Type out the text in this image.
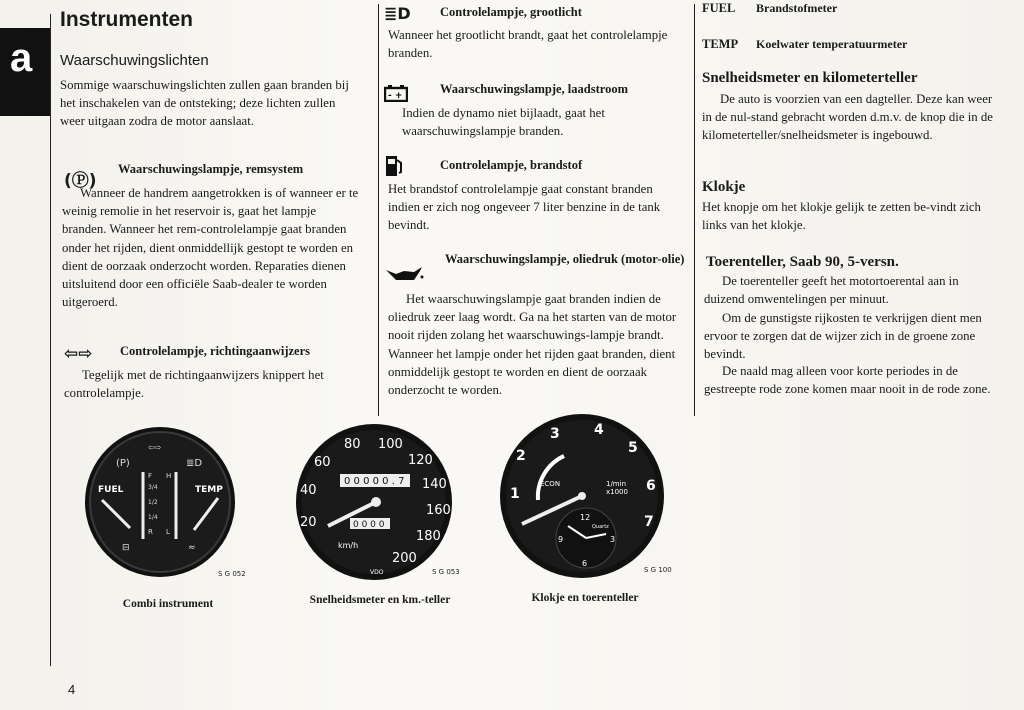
a
Instrumenten
Waarschuwingslichten

Sommige waarschuwingslichten zullen gaan branden bij het inschakelen van de ontsteking; deze lichten zullen weer uitgaan zodra de motor aanslaat.

(Ⓟ)
Waarschuwingslampje, remsystem

Wanneer de handrem aangetrokken is of wanneer er te weinig remolie in het reservoir is, gaat het lampje branden. Wanneer het rem-controlelampje gaat branden onder het rijden, dient onmiddellijk gestopt te worden en dient de oorzaak onderzocht worden. Reparaties dienen uitsluitend door een officiële Saab-dealer te worden uitgeroerd.

⇦⇨ Controlelampje, richtingaanwijzers

Tegelijk met de richtingaanwijzers knippert het controlelampje.

≣D Controlelampje, grootlicht

Wanneer het grootlicht brandt, gaat het controlelampje branden.

- +	Waarschuwingslampje, laadstroom

Indien de dynamo niet bijlaadt, gaat het waarschuwingslampje branden.

Controlelampje, brandstof

Het brandstof controlelampje gaat constant branden indien er zich nog ongeveer 7 liter benzine in de tank bevindt.

Waarschuwingslampje, oliedruk (motor-olie)

Het waarschuwingslampje gaat branden indien de oliedruk zeer laag wordt. Ga na het starten van de motor nooit rijden zolang het waarschuwings-lampje brandt. Wanneer het lampje onder het rijden gaat branden, dient onmiddelijk gestopt te worden en dient de oorzaak onderzocht te worden.

FUEL Brandstofmeter
TEMP Koelwater temperatuurmeter
Snelheidsmeter en kilometerteller

De auto is voorzien van een dagteller. Deze kan weer in de nul-stand gebracht worden d.m.v. de knop die in de kilometerteller/snelheidsmeter is ingebouwd.

Klokje

Het knopje om het klokje gelijk te zetten be-vindt zich links van het klokje.

Toerenteller, Saab 90, 5-versn.

De toerenteller geeft het motortoerental aan in duizend omwentelingen per minuut.

Om de gunstigste rijkosten te verkrijgen dient men ervoor te zorgen dat de wijzer zich in de groene zone bevindt.

De naald mag alleen voor korte periodes in de gestreepte rode zone komen maar nooit in de rode zone.

⇦⇨
(P)	≣D
FUEL	TEMP
F H
3/4
1/2
1/4
R L
⊟	≈
S G 052
Combi instrument
20
40
60
80 100
120
140
160
180
200
0 0 0 0 0 . 7
0 0 0 0
km/h
VDO	S G 053
Snelheidsmeter en km.-teller
1
2
3 4
5
6
7
ECON	1/min
x1000
12
3
6
9
Quartz
S G 100
Klokje en toerenteller
4
